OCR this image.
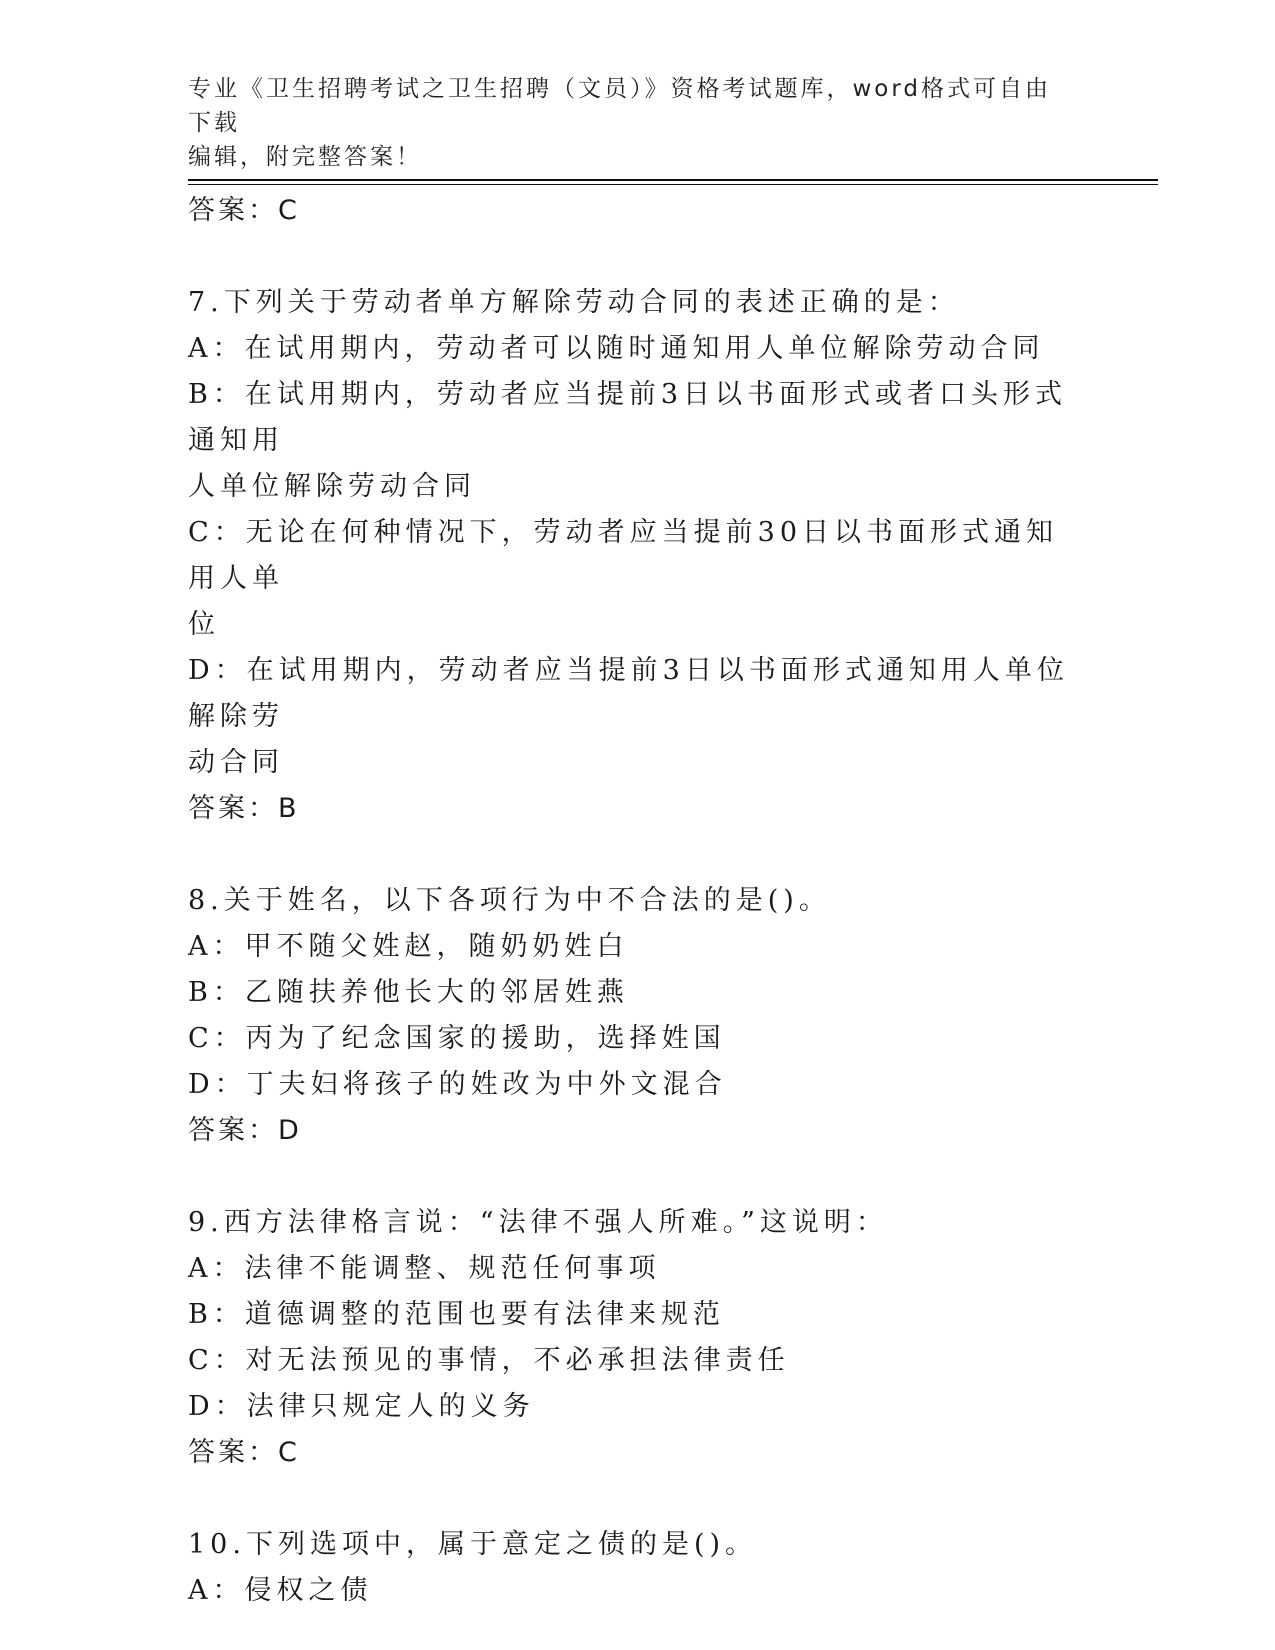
专业《卫生招聘考试之卫生招聘（文员）》资格考试题库，word格式可自由下载
编辑，附完整答案！

答案：C

7.下列关于劳动者单方解除劳动合同的表述正确的是：

A：在试用期内，劳动者可以随时通知用人单位解除劳动合同

B：在试用期内，劳动者应当提前3日以书面形式或者口头形式通知用

人单位解除劳动合同

C：无论在何种情况下，劳动者应当提前30日以书面形式通知用人单

位

D：在试用期内，劳动者应当提前3日以书面形式通知用人单位解除劳

动合同

答案：B

8.关于姓名，以下各项行为中不合法的是()。

A：甲不随父姓赵，随奶奶姓白

B：乙随扶养他长大的邻居姓燕

C：丙为了纪念国家的援助，选择姓国

D：丁夫妇将孩子的姓改为中外文混合

答案：D

9.西方法律格言说：“法律不强人所难。”这说明：

A：法律不能调整、规范任何事项

B：道德调整的范围也要有法律来规范

C：对无法预见的事情，不必承担法律责任

D：法律只规定人的义务

答案：C

10.下列选项中，属于意定之债的是()。

A：侵权之债
